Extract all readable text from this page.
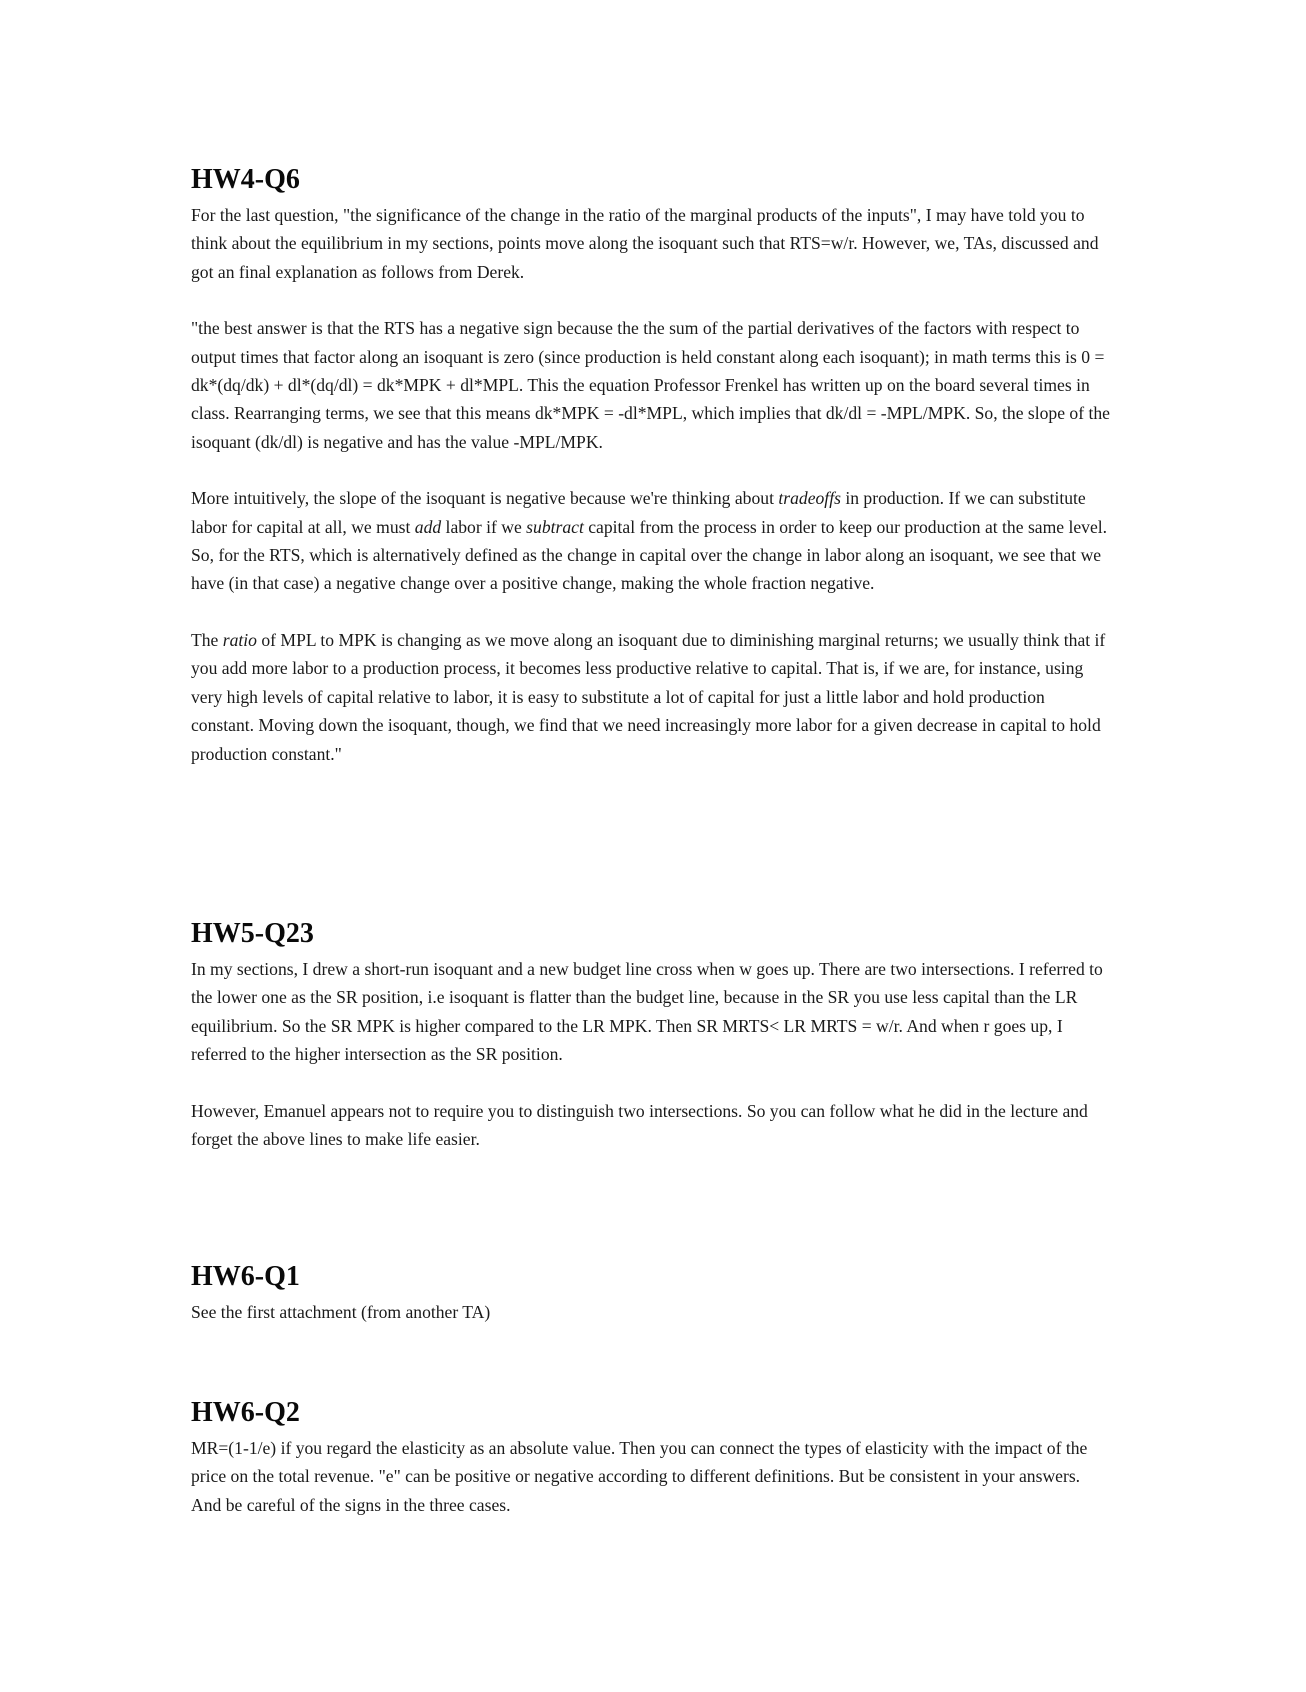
HW4-Q6

For the last question, "the significance of the change in the ratio of the marginal products of the inputs", I may have told you to think about the equilibrium in my sections, points move along the isoquant such that RTS=w/r. However, we, TAs, discussed and got an final explanation as follows from Derek.

"the best answer is that the RTS has a negative sign because the the sum of the partial derivatives of the factors with respect to output times that factor along an isoquant is zero (since production is held constant along each isoquant); in math terms this is 0 = dk*(dq/dk) + dl*(dq/dl) = dk*MPK + dl*MPL. This the equation Professor Frenkel has written up on the board several times in class. Rearranging terms, we see that this means dk*MPK = -dl*MPL, which implies that dk/dl = -MPL/MPK. So, the slope of the isoquant (dk/dl) is negative and has the value -MPL/MPK.

More intuitively, the slope of the isoquant is negative because we're thinking about tradeoffs in production. If we can substitute labor for capital at all, we must add labor if we subtract capital from the process in order to keep our production at the same level. So, for the RTS, which is alternatively defined as the change in capital over the change in labor along an isoquant, we see that we have (in that case) a negative change over a positive change, making the whole fraction negative.

The ratio of MPL to MPK is changing as we move along an isoquant due to diminishing marginal returns; we usually think that if you add more labor to a production process, it becomes less productive relative to capital. That is, if we are, for instance, using very high levels of capital relative to labor, it is easy to substitute a lot of capital for just a little labor and hold production constant. Moving down the isoquant, though, we find that we need increasingly more labor for a given decrease in capital to hold production constant."

HW5-Q23

In my sections, I drew a short-run isoquant and a new budget line cross when w goes up. There are two intersections. I referred to the lower one as the SR position, i.e isoquant is flatter than the budget line, because in the SR you use less capital than the LR equilibrium. So the SR MPK is higher compared to the LR MPK. Then SR MRTS< LR MRTS = w/r. And when r goes up, I referred to the higher intersection as the SR position.

However, Emanuel appears not to require you to distinguish two intersections. So you can follow what he did in the lecture and forget the above lines to make life easier.

HW6-Q1

See the first attachment (from another TA)

HW6-Q2

MR=(1-1/e) if you regard the elasticity as an absolute value. Then you can connect the types of elasticity with the impact of the price on the total revenue. "e" can be positive or negative according to different definitions. But be consistent in your answers. And be careful of the signs in the three cases.
